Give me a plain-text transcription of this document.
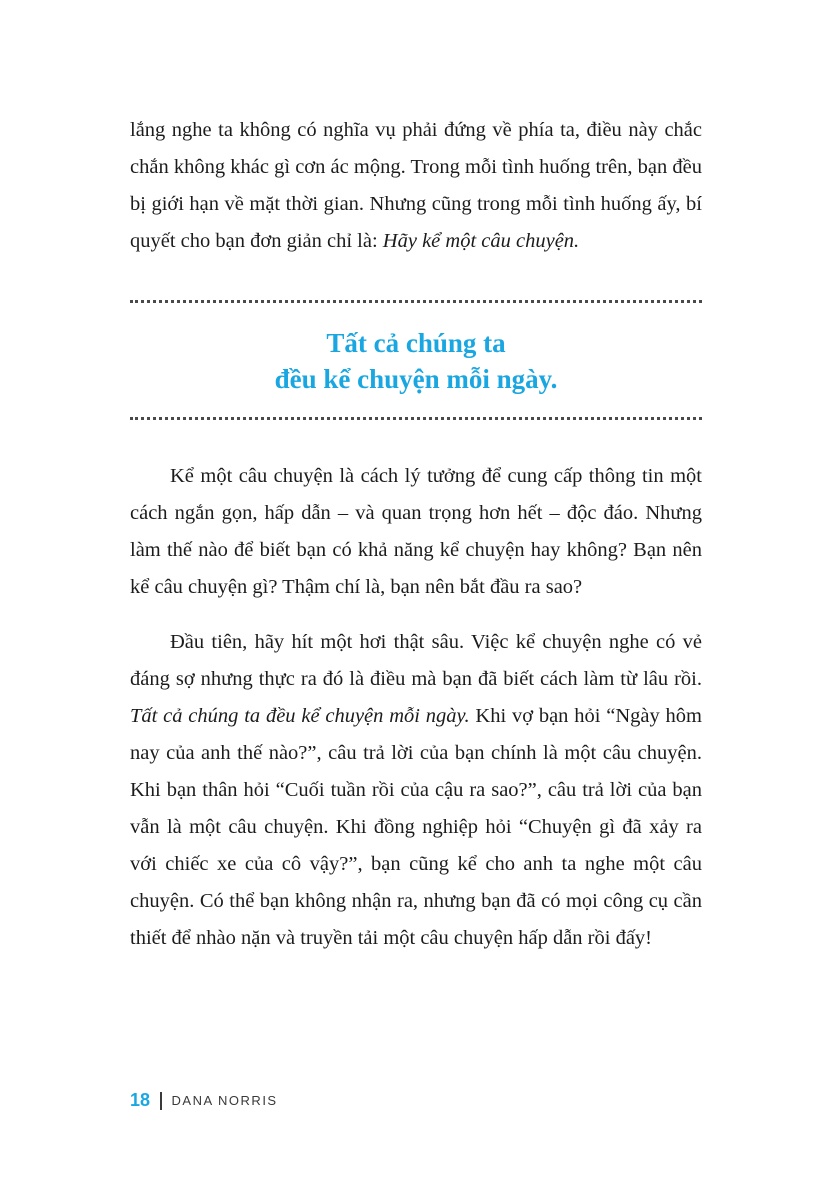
lắng nghe ta không có nghĩa vụ phải đứng về phía ta, điều này chắc chắn không khác gì cơn ác mộng. Trong mỗi tình huống trên, bạn đều bị giới hạn về mặt thời gian. Nhưng cũng trong mỗi tình huống ấy, bí quyết cho bạn đơn giản chỉ là: Hãy kể một câu chuyện.

Tất cả chúng ta
đều kể chuyện mỗi ngày.

Kể một câu chuyện là cách lý tưởng để cung cấp thông tin một cách ngắn gọn, hấp dẫn – và quan trọng hơn hết – độc đáo. Nhưng làm thế nào để biết bạn có khả năng kể chuyện hay không? Bạn nên kể câu chuyện gì? Thậm chí là, bạn nên bắt đầu ra sao?

Đầu tiên, hãy hít một hơi thật sâu. Việc kể chuyện nghe có vẻ đáng sợ nhưng thực ra đó là điều mà bạn đã biết cách làm từ lâu rồi. Tất cả chúng ta đều kể chuyện mỗi ngày. Khi vợ bạn hỏi “Ngày hôm nay của anh thế nào?”, câu trả lời của bạn chính là một câu chuyện. Khi bạn thân hỏi “Cuối tuần rồi của cậu ra sao?”, câu trả lời của bạn vẫn là một câu chuyện. Khi đồng nghiệp hỏi “Chuyện gì đã xảy ra với chiếc xe của cô vậy?”, bạn cũng kể cho anh ta nghe một câu chuyện. Có thể bạn không nhận ra, nhưng bạn đã có mọi công cụ cần thiết để nhào nặn và truyền tải một câu chuyện hấp dẫn rồi đấy!

18 DANA NORRIS
